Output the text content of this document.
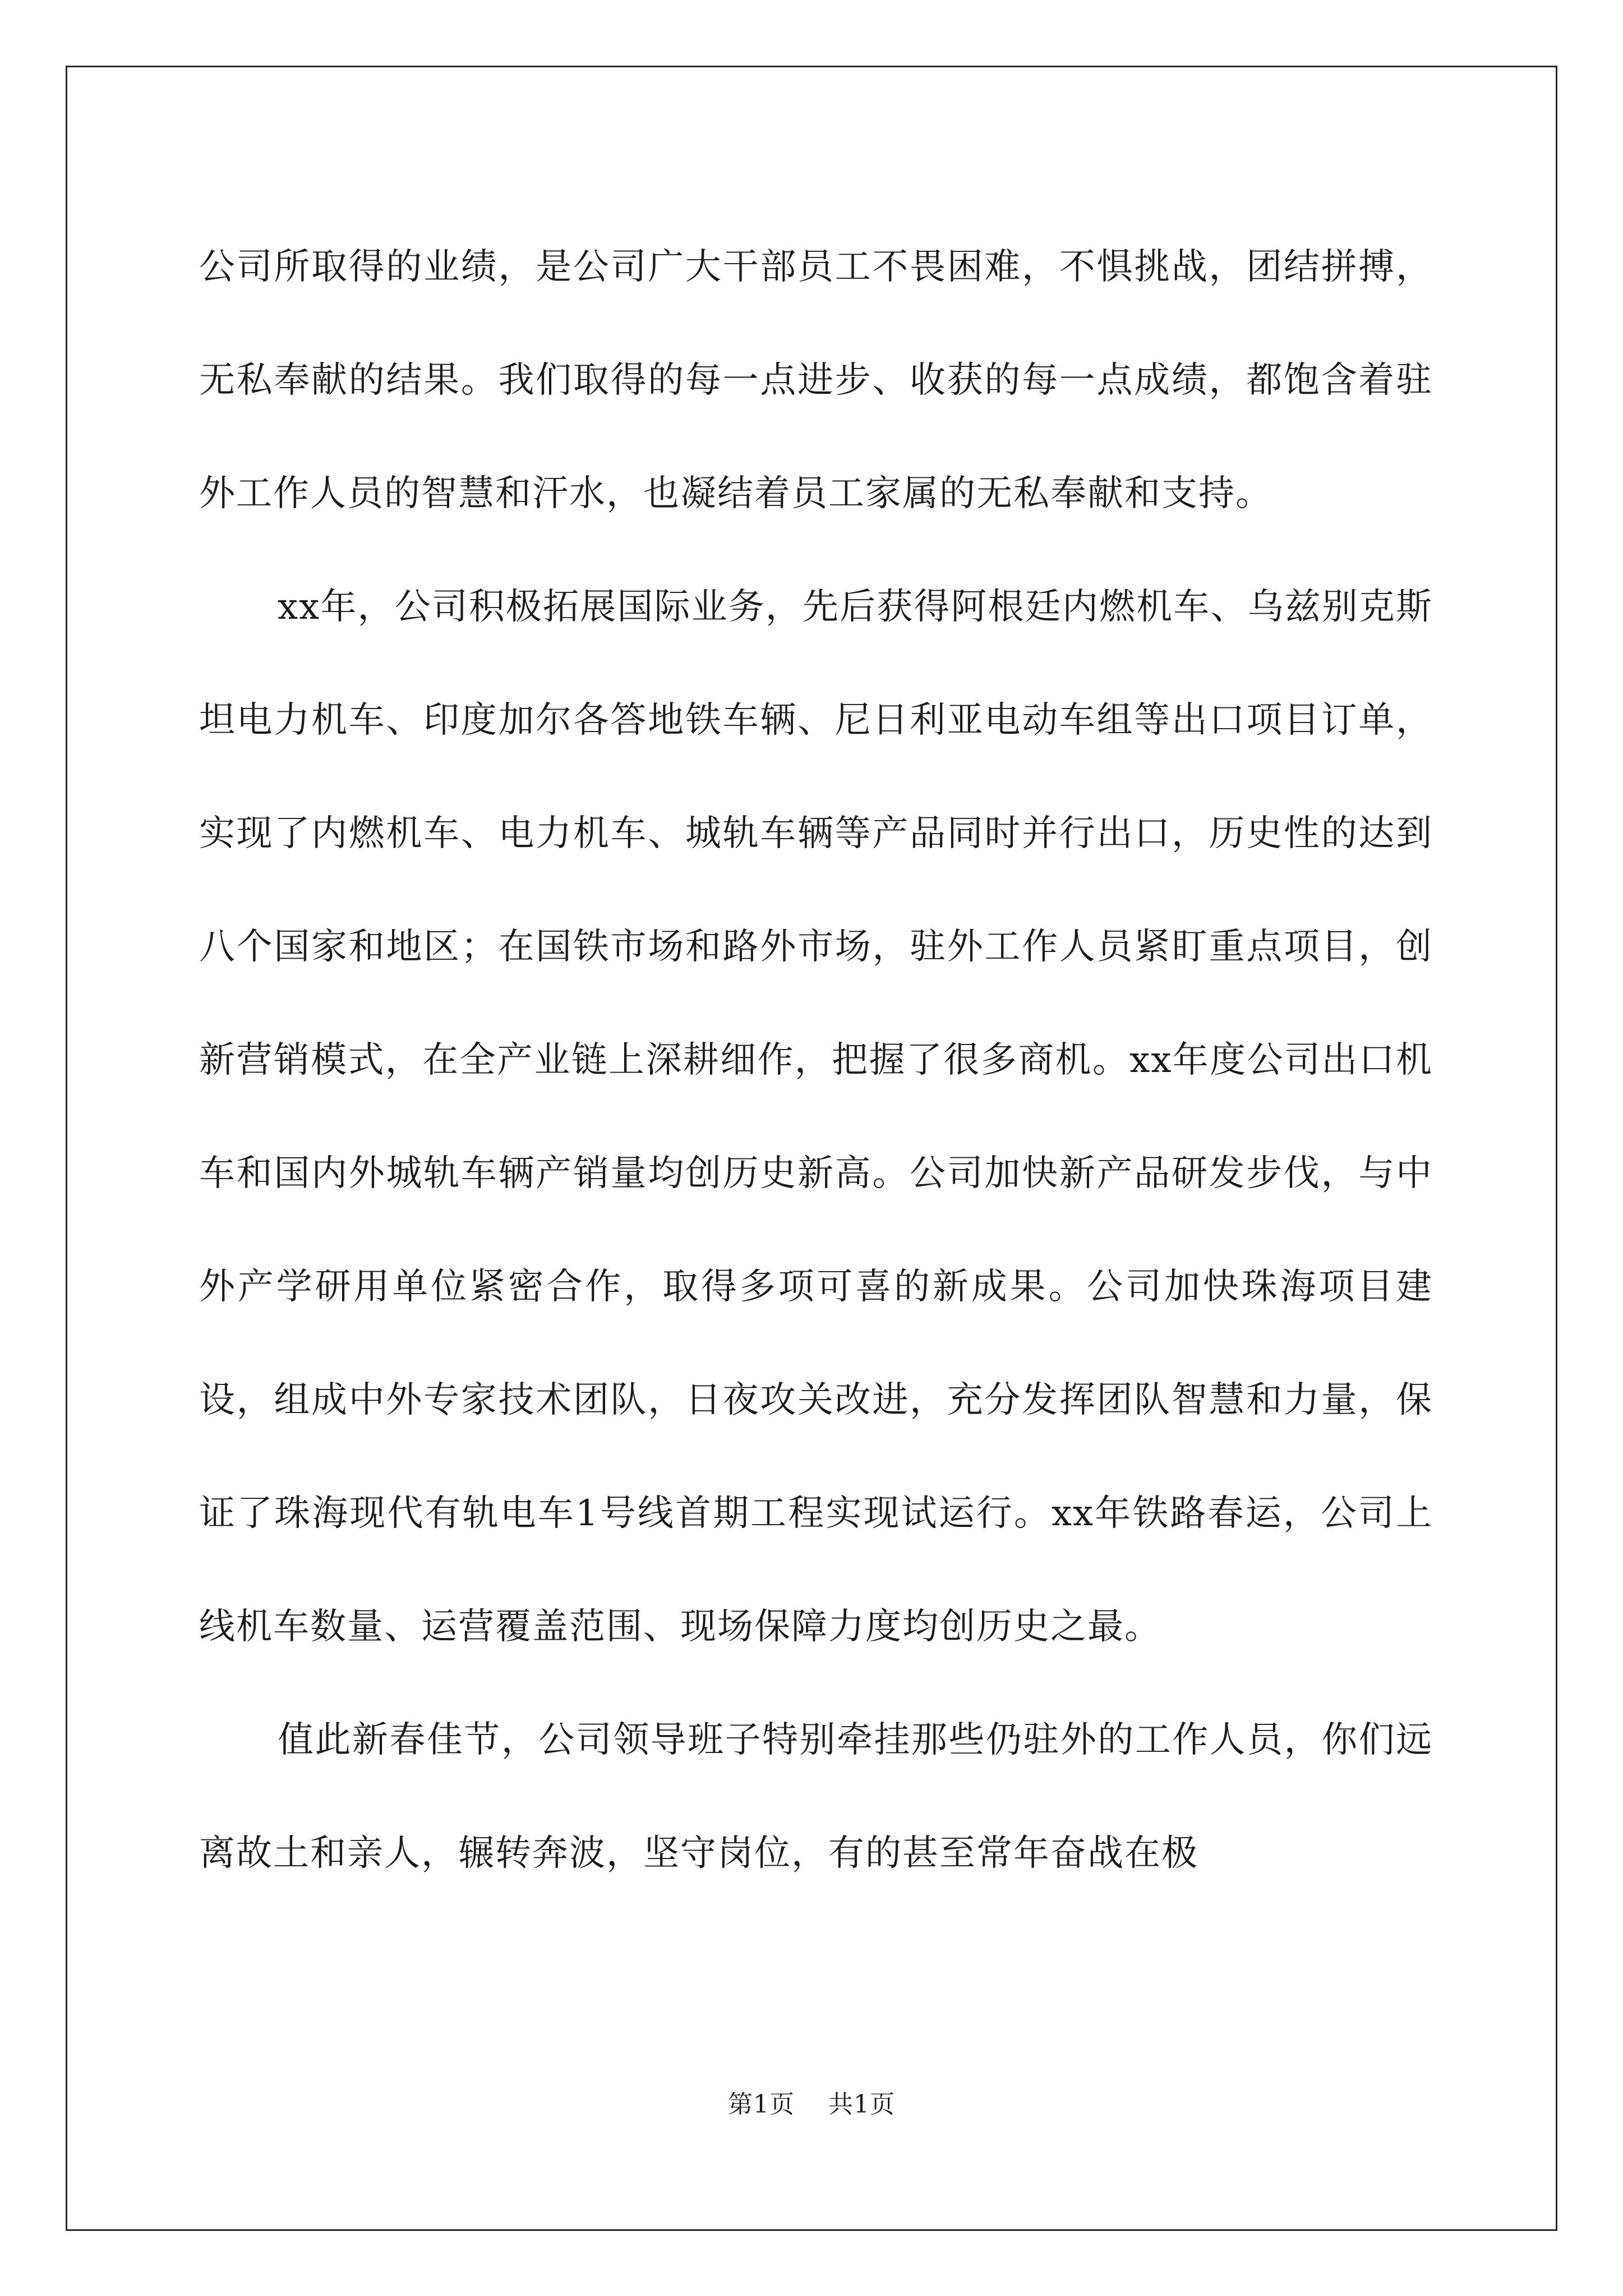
公司所取得的业绩，是公司广大干部员工不畏困难，不惧挑战，团结拼搏，无私奉献的结果。我们取得的每一点进步、收获的每一点成绩，都饱含着驻外工作人员的智慧和汗水，也凝结着员工家属的无私奉献和支持。

xx年，公司积极拓展国际业务，先后获得阿根廷内燃机车、乌兹别克斯坦电力机车、印度加尔各答地铁车辆、尼日利亚电动车组等出口项目订单，实现了内燃机车、电力机车、城轨车辆等产品同时并行出口，历史性的达到八个国家和地区；在国铁市场和路外市场，驻外工作人员紧盯重点项目，创新营销模式，在全产业链上深耕细作，把握了很多商机。xx年度公司出口机车和国内外城轨车辆产销量均创历史新高。公司加快新产品研发步伐，与中外产学研用单位紧密合作，取得多项可喜的新成果。公司加快珠海项目建设，组成中外专家技术团队，日夜攻关改进，充分发挥团队智慧和力量，保证了珠海现代有轨电车1号线首期工程实现试运行。xx年铁路春运，公司上线机车数量、运营覆盖范围、现场保障力度均创历史之最。

值此新春佳节，公司领导班子特别牵挂那些仍驻外的工作人员，你们远离故土和亲人，辗转奔波，坚守岗位，有的甚至常年奋战在极

第1页 共1页
